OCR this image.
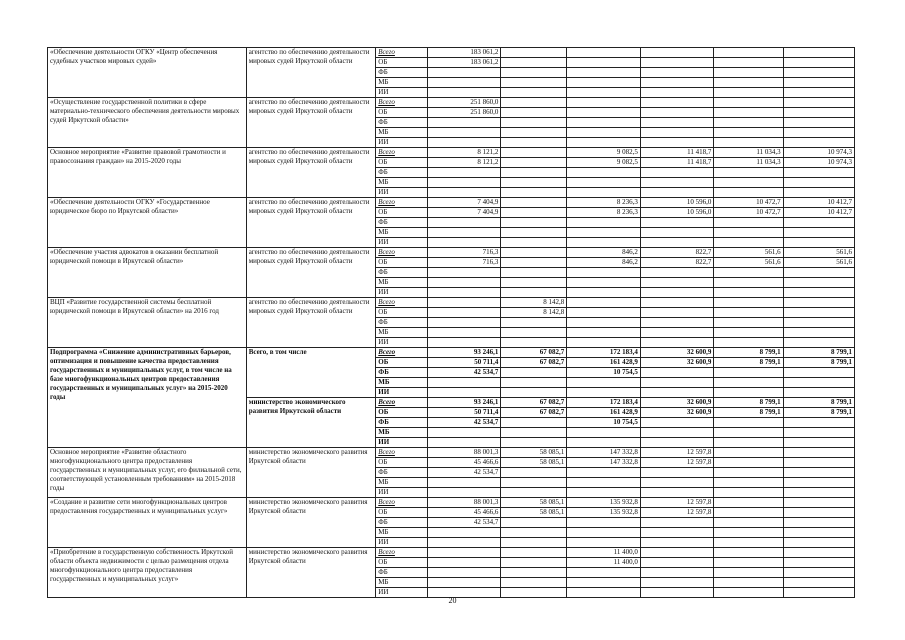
«Обеспечение деятельности ОГКУ «Центр обеспечения судебных участков мировых судей»	агентство по обеспечению деятельности мировых судей Иркутской области	Всего	183 061,2					
		ОБ	183 061,2					
		ФБ						
		МБ						
		ИИ						
«Осуществление государственной политики в сфере материально-технического обеспечения деятельности мировых судей Иркутской области»	агентство по обеспечению деятельности мировых судей Иркутской области	Всего	251 860,0					
		ОБ	251 860,0					
		ФБ						
		МБ						
		ИИ						
Основное мероприятие «Развитие правовой грамотности и правосознания граждан» на 2015-2020 годы	агентство по обеспечению деятельности мировых судей Иркутской области	Всего	8 121,2		9 082,5	11 418,7	11 034,3	10 974,3
		ОБ	8 121,2		9 082,5	11 418,7	11 034,3	10 974,3
		ФБ						
		МБ						
		ИИ						
«Обеспечение деятельности ОГКУ «Государственное юридическое бюро по Иркутской области»	агентство по обеспечению деятельности мировых судей Иркутской области	Всего	7 404,9		8 236,3	10 596,0	10 472,7	10 412,7
		ОБ	7 404,9		8 236,3	10 596,0	10 472,7	10 412,7
		ФБ						
		МБ						
		ИИ						
«Обеспечение участия адвокатов в оказании бесплатной юридической помощи в Иркутской области»	агентство по обеспечению деятельности мировых судей Иркутской области	Всего	716,3		846,2	822,7	561,6	561,6
		ОБ	716,3		846,2	822,7	561,6	561,6
		ФБ						
		МБ						
		ИИ						
ВЦП «Развитие государственной системы бесплатной юридической помощи в Иркутской области» на 2016 год	агентство по обеспечению деятельности мировых судей Иркутской области	Всего		8 142,8				
		ОБ		8 142,8				
		ФБ						
		МБ						
		ИИ						
Подпрограмма «Снижение административных барьеров, оптимизация и повышение качества предоставления государственных и муниципальных услуг, в том числе на базе многофункциональных центров предоставления государственных и муниципальных услуг» на 2015-2020 годы	Всего, в том числе	Всего	93 246,1	67 082,7	172 183,4	32 600,9	8 799,1	8 799,1
		ОБ	50 711,4	67 082,7	161 428,9	32 600,9	8 799,1	8 799,1
		ФБ	42 534,7		10 754,5			
		МБ						
		ИИ						
	министерство экономического развития Иркутской области	Всего	93 246,1	67 082,7	172 183,4	32 600,9	8 799,1	8 799,1
		ОБ	50 711,4	67 082,7	161 428,9	32 600,9	8 799,1	8 799,1
		ФБ	42 534,7		10 754,5			
		МБ						
		ИИ						
Основное мероприятие «Развитие областного многофункционального центра предоставления государственных и муниципальных услуг, его филиальной сети, соответствующей установленным требованиям» на 2015-2018 годы	министерство экономического развития Иркутской области	Всего	88 001,3	58 085,1	147 332,8	12 597,8		
		ОБ	45 466,6	58 085,1	147 332,8	12 597,8		
		ФБ	42 534,7					
		МБ						
		ИИ						
«Создание и развитие сети многофункциональных центров предоставления государственных и муниципальных услуг»	министерство экономического развития Иркутской области	Всего	88 001,3	58 085,1	135 932,8	12 597,8		
		ОБ	45 466,6	58 085,1	135 932,8	12 597,8		
		ФБ	42 534,7					
		МБ						
		ИИ						
«Приобретение в государственную собственность Иркутской области объекта недвижимости с целью размещения отдела многофункционального центра предоставления государственных и муниципальных услуг»	министерство экономического развития Иркутской области	Всего			11 400,0			
		ОБ			11 400,0			
		ФБ						
		МБ						
		ИИ						
20
